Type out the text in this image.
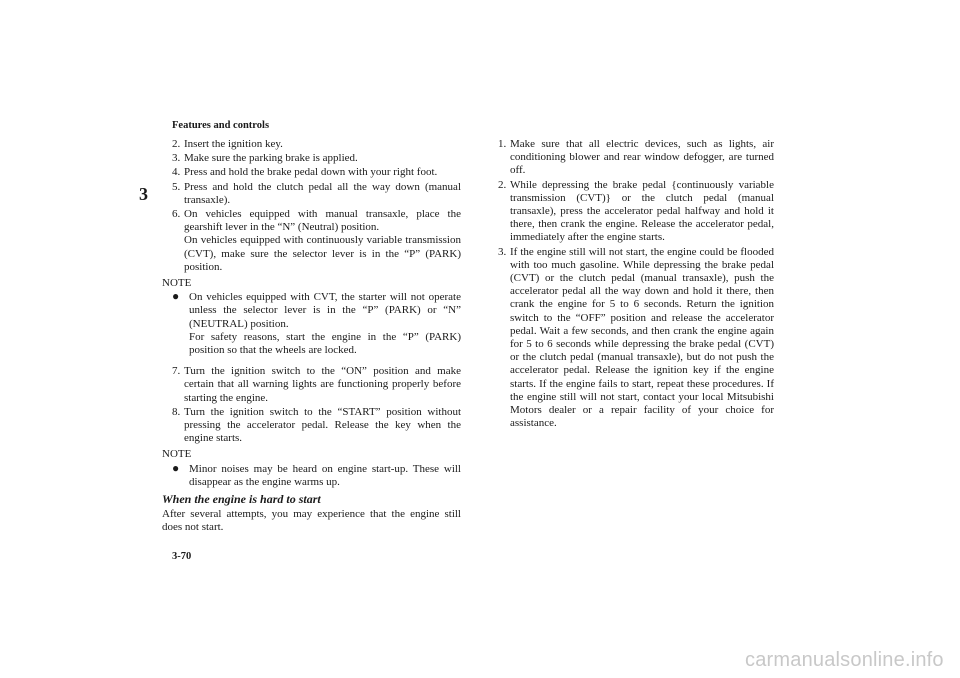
Features and controls
3
2. Insert the ignition key.
3. Make sure the parking brake is applied.
4. Press and hold the brake pedal down with your right foot.
5. Press and hold the clutch pedal all the way down (manual transaxle).
6. On vehicles equipped with manual transaxle, place the gearshift lever in the “N” (Neutral) position.
On vehicles equipped with continuously variable transmission (CVT), make sure the selector lever is in the “P” (PARK) position.
NOTE
● On vehicles equipped with CVT, the starter will not operate unless the selector lever is in the “P” (PARK) or “N” (NEUTRAL) position.
For safety reasons, start the engine in the “P” (PARK) position so that the wheels are locked.
7. Turn the ignition switch to the “ON” position and make certain that all warning lights are functioning properly before starting the engine.
8. Turn the ignition switch to the “START” position without pressing the accelerator pedal. Release the key when the engine starts.
NOTE
● Minor noises may be heard on engine start-up. These will disappear as the engine warms up.
When the engine is hard to start
After several attempts, you may experience that the engine still does not start.
1. Make sure that all electric devices, such as lights, air conditioning blower and rear window defogger, are turned off.
2. While depressing the brake pedal {continuously variable transmission (CVT)} or the clutch pedal (manual transaxle), press the accelerator pedal halfway and hold it there, then crank the engine. Release the accelerator pedal, immediately after the engine starts.
3. If the engine still will not start, the engine could be flooded with too much gasoline. While depressing the brake pedal (CVT) or the clutch pedal (manual transaxle), push the accelerator pedal all the way down and hold it there, then crank the engine for 5 to 6 seconds. Return the ignition switch to the “OFF” position and release the accelerator pedal. Wait a few seconds, and then crank the engine again for 5 to 6 seconds while depressing the brake pedal (CVT) or the clutch pedal (manual transaxle), but do not push the accelerator pedal. Release the ignition key if the engine starts. If the engine fails to start, repeat these procedures. If the engine still will not start, contact your local Mitsubishi Motors dealer or a repair facility of your choice for assistance.
3-70
carmanualsonline.info
